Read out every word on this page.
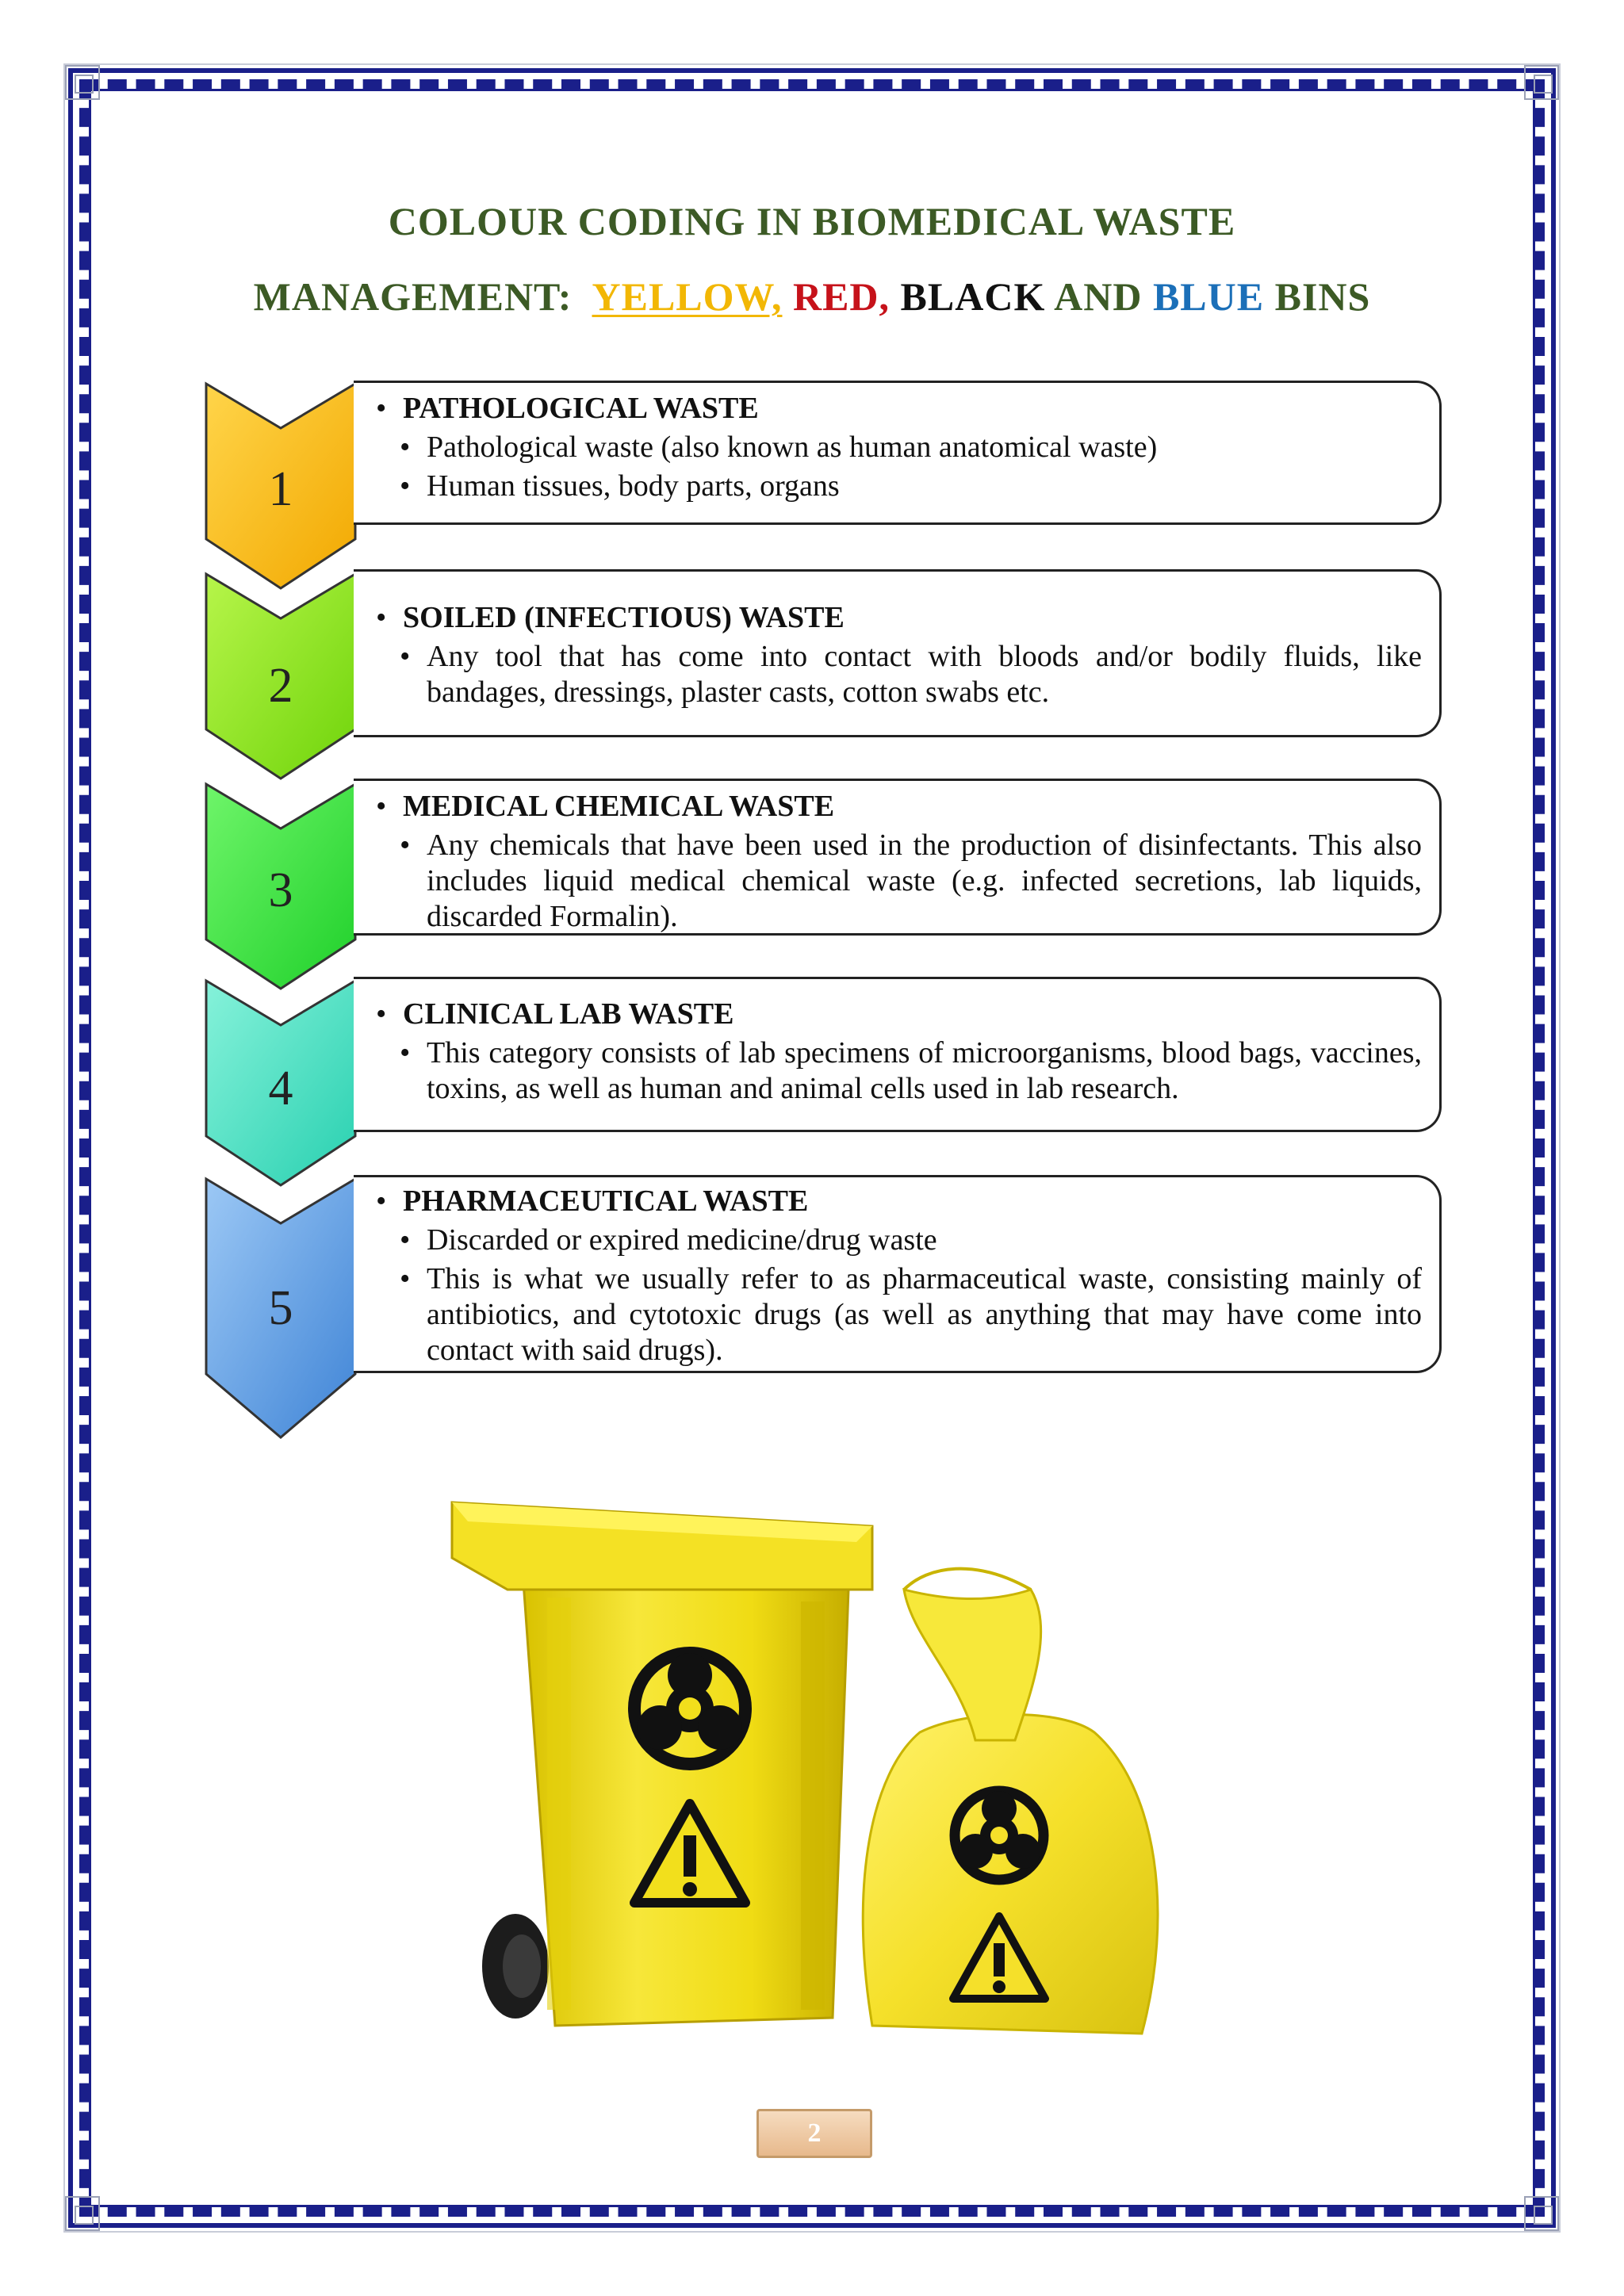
COLOUR CODING IN BIOMEDICAL WASTE
MANAGEMENT: YELLOW, RED, BLACK AND BLUE BINS
1
• PATHOLOGICAL WASTE
• Pathological waste (also known as human anatomical waste)
• Human tissues, body parts, organs
2
• SOILED (INFECTIOUS) WASTE
• Any tool that has come into contact with bloods and/or bodily fluids, like bandages, dressings, plaster casts, cotton swabs etc.
3
• MEDICAL CHEMICAL WASTE
• Any chemicals that have been used in the production of disinfectants. This also includes liquid medical chemical waste (e.g. infected secretions, lab liquids, discarded Formalin).
4
• CLINICAL LAB WASTE
• This category consists of lab specimens of microorganisms, blood bags, vaccines, toxins, as well as human and animal cells used in lab research.
5
• PHARMACEUTICAL WASTE
• Discarded or expired medicine/drug waste
• This is what we usually refer to as pharmaceutical waste, consisting mainly of antibiotics, and cytotoxic drugs (as well as anything that may have come into contact with said drugs).
2
